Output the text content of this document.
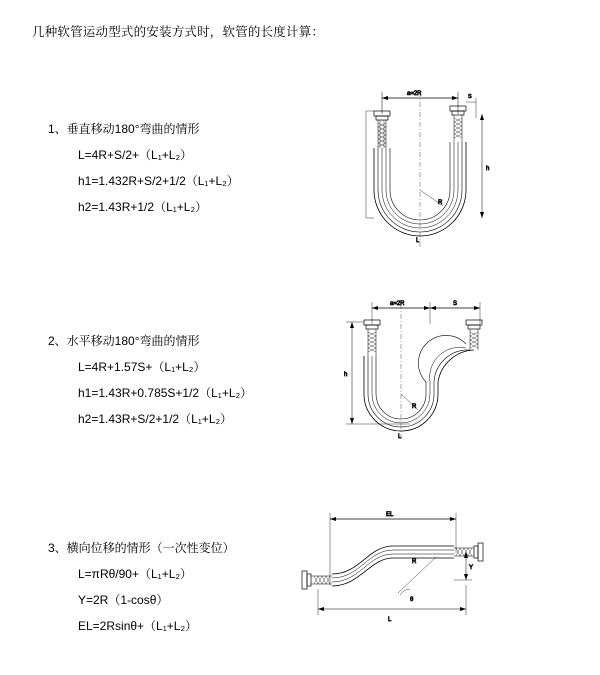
几种软管运动型式的安装方式时，软管的长度计算：
1、垂直移动180°弯曲的情形
L=4R+S/2+（L₁+L₂）
h1=1.432R+S/2+1/2（L₁+L₂）
h2=1.43R+1/2（L₁+L₂）
a=2R
R
h
S
L
2、水平移动180°弯曲的情形
L=4R+1.57S+（L₁+L₂）
h1=1.43R+0.785S+1/2（L₁+L₂）
h2=1.43R+S/2+1/2（L₁+L₂）
a=2R	S
R
h
L
3、横向位移的情形（一次性变位）
L=πRθ/90+（L₁+L₂）
Y=2R（1-cosθ）
EL=2Rsinθ+（L₁+L₂）
EL
Y
R
θ
L
